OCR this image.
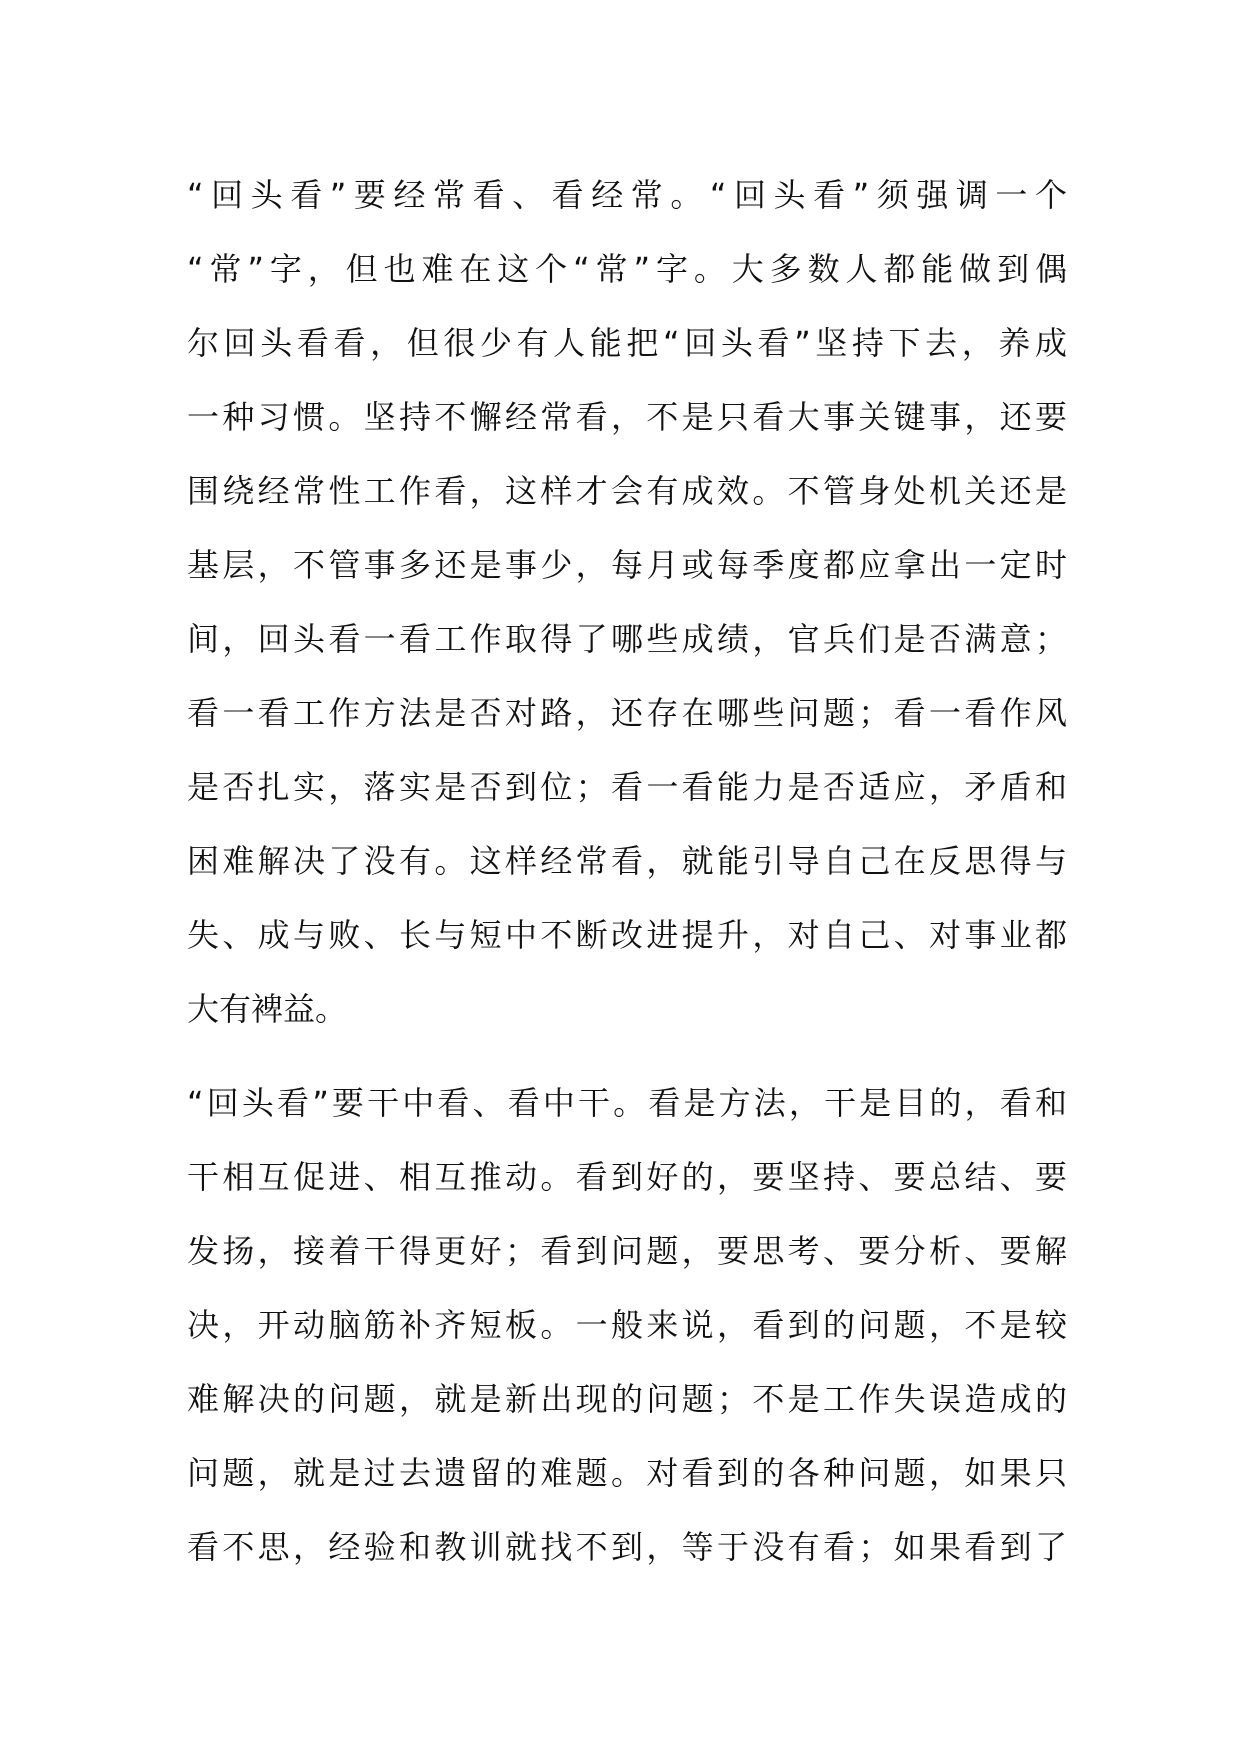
“回头看”要经常看、看经常。“回头看”须强调一个
“常”字，但也难在这个“常”字。大多数人都能做到偶
尔回头看看，但很少有人能把“回头看”坚持下去，养成
一种习惯。坚持不懈经常看，不是只看大事关键事，还要
围绕经常性工作看，这样才会有成效。不管身处机关还是
基层，不管事多还是事少，每月或每季度都应拿出一定时
间，回头看一看工作取得了哪些成绩，官兵们是否满意；
看一看工作方法是否对路，还存在哪些问题；看一看作风
是否扎实，落实是否到位；看一看能力是否适应，矛盾和
困难解决了没有。这样经常看，就能引导自己在反思得与
失、成与败、长与短中不断改进提升，对自己、对事业都
大有裨益。
“回头看”要干中看、看中干。看是方法，干是目的，看和
干相互促进、相互推动。看到好的，要坚持、要总结、要
发扬，接着干得更好；看到问题，要思考、要分析、要解
决，开动脑筋补齐短板。一般来说，看到的问题，不是较
难解决的问题，就是新出现的问题；不是工作失误造成的
问题，就是过去遗留的难题。对看到的各种问题，如果只
看不思，经验和教训就找不到，等于没有看；如果看到了
